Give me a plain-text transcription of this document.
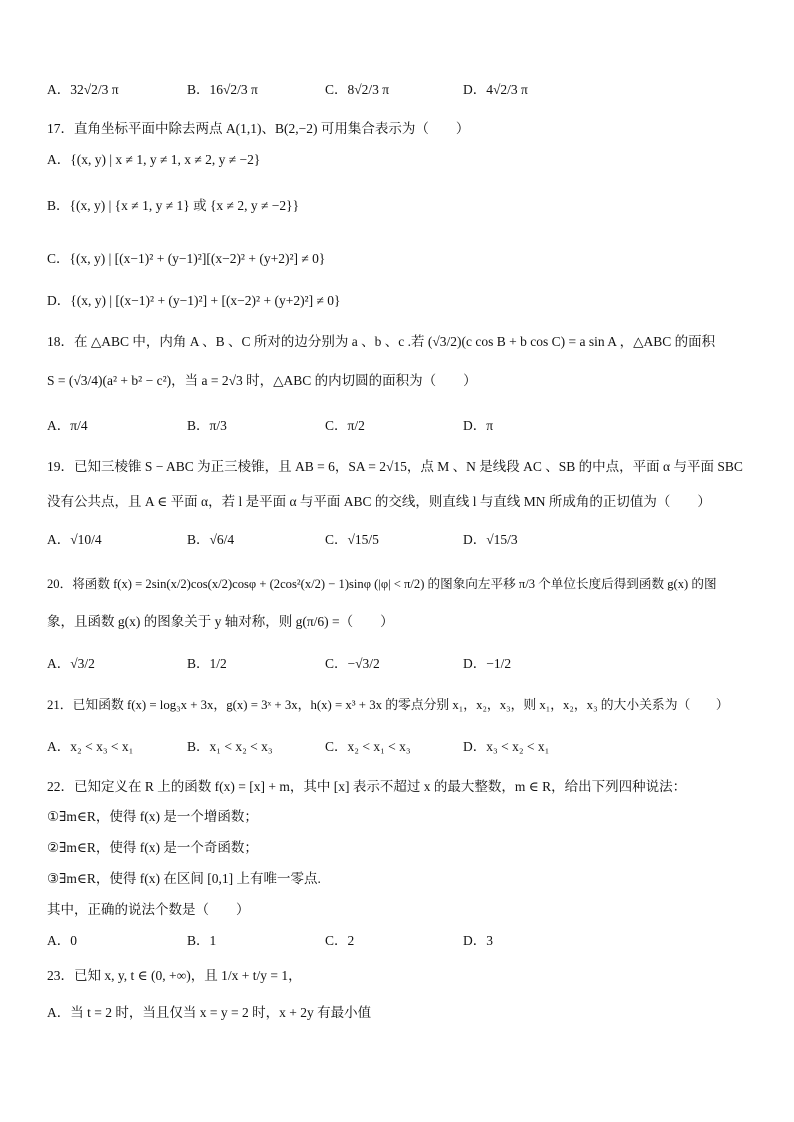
A．32√2/3 π	B．16√2/3 π	C．8√2/3 π	D．4√2/3 π
17．直角坐标平面中除去两点 A(1,1)、B(2,−2) 可用集合表示为（　　）
A．{(x, y) | x ≠ 1, y ≠ 1, x ≠ 2, y ≠ −2}
B．{(x, y) | {x ≠ 1, y ≠ 1} 或 {x ≠ 2, y ≠ −2}}
C．{(x, y) | [(x−1)² + (y−1)²][(x−2)² + (y+2)²] ≠ 0}
D．{(x, y) | [(x−1)² + (y−1)²] + [(x−2)² + (y+2)²] ≠ 0}
18．在 △ABC 中，内角 A 、B 、C 所对的边分别为 a 、b 、c .若 (√3/2)(c cos B + b cos C) = a sin A ，△ABC 的面积
S = (√3/4)(a² + b² − c²)，当 a = 2√3 时，△ABC 的内切圆的面积为（　　）
A．π/4	B．π/3	C．π/2	D．π
19．已知三棱锥 S − ABC 为正三棱锥，且 AB = 6，SA = 2√15，点 M 、N 是线段 AC 、SB 的中点，平面 α 与平面 SBC
没有公共点，且 A ∈ 平面 α，若 l 是平面 α 与平面 ABC 的交线，则直线 l 与直线 MN 所成角的正切值为（　　）
A．√10/4	B．√6/4	C．√15/5	D．√15/3
20．将函数 f(x) = 2sin(x/2)cos(x/2)cosφ + (2cos²(x/2) − 1)sinφ (|φ| < π/2) 的图象向左平移 π/3 个单位长度后得到函数 g(x) 的图
象，且函数 g(x) 的图象关于 y 轴对称，则 g(π/6) =（　　）
A．√3/2	B．1/2	C．−√3/2	D．−1/2
21．已知函数 f(x) = log₃x + 3x，g(x) = 3ˣ + 3x，h(x) = x³ + 3x 的零点分别 x₁，x₂，x₃，则 x₁，x₂，x₃ 的大小关系为（　　）
A．x₂ < x₃ < x₁	B．x₁ < x₂ < x₃	C．x₂ < x₁ < x₃	D．x₃ < x₂ < x₁
22．已知定义在 R 上的函数 f(x) = [x] + m，其中 [x] 表示不超过 x 的最大整数，m ∈ R，给出下列四种说法：
①∃m∈R，使得 f(x) 是一个增函数；
②∃m∈R，使得 f(x) 是一个奇函数；
③∃m∈R，使得 f(x) 在区间 [0,1] 上有唯一零点.
其中，正确的说法个数是（　　）
A．0	B．1	C．2	D．3
23．已知 x, y, t ∈ (0, +∞)，且 1/x + t/y = 1，
A．当 t = 2 时，当且仅当 x = y = 2 时，x + 2y 有最小值
